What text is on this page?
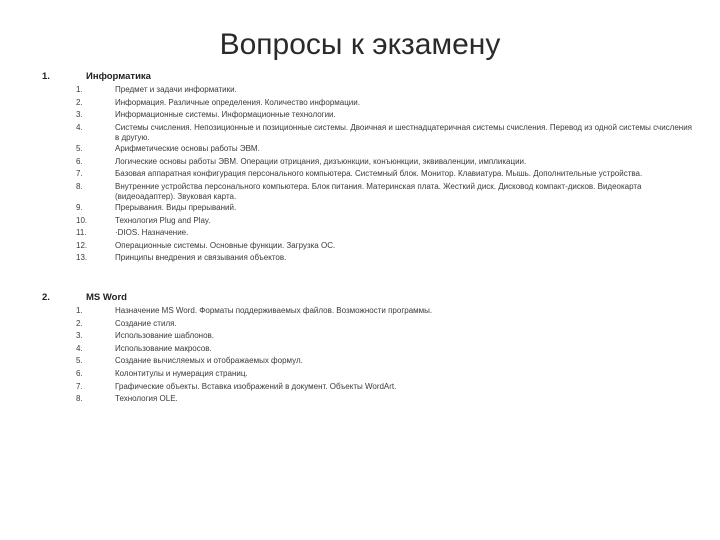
Вопросы к экзамену
1.	Информатика
1.	Предмет и задачи информатики.
2.	Информация. Различные определения. Количество информации.
3.	Информационные системы. Информационные технологии.
4.	Системы счисления. Непозиционные и позиционные системы. Двоичная и шестнадцатеричная системы счисления. Перевод из одной системы счисления в другую.
5.	Арифметические основы работы ЭВМ.
6.	Логические основы работы ЭВМ. Операции отрицания, дизъюнкции, конъюнкции, эквиваленции, импликации.
7.	Базовая аппаратная конфигурация персонального компьютера. Системный блок. Монитор. Клавиатура. Мышь. Дополнительные устройства.
8.	Внутренние устройства персонального компьютера. Блок питания. Материнская плата. Жесткий диск. Дисковод компакт-дисков. Видеокарта (видеоадаптер). Звуковая карта.
9.	Прерывания. Виды прерываний.
10.	Технология Plug and Play.
11.	·DIOS. Назначение.
12.	Операционные системы. Основные функции. Загрузка ОС.
13.	Принципы внедрения и связывания объектов.
2.	MS Word
1.	Назначение MS Word. Форматы поддерживаемых файлов. Возможности программы.
2.	Создание стиля.
3.	Использование шаблонов.
4.	Использование макросов.
5.	Создание вычисляемых и отображаемых формул.
6.	Колонтитулы и нумерация страниц.
7.	Графические объекты. Вставка изображений в документ. Объекты WordArt.
8.	Технология OLE.
